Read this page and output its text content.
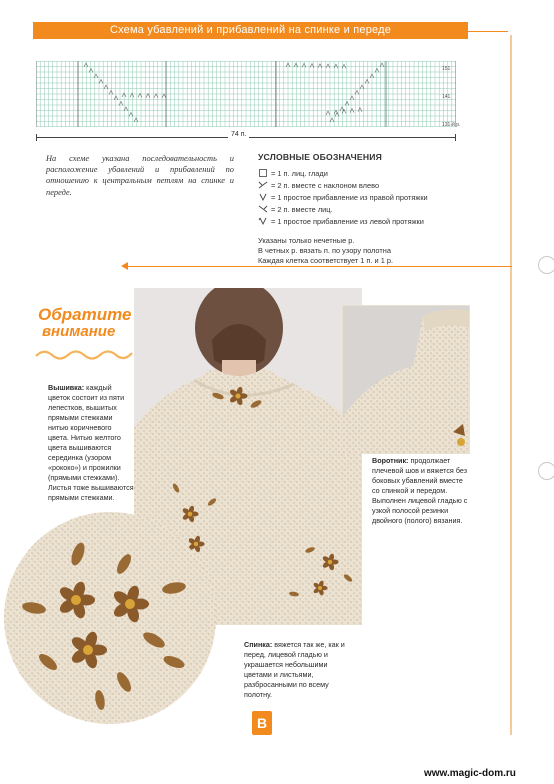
Схема убавлений и прибавлений на спинке и переде
151
141
131-й р.
74 п.
На схеме указана последовательность и расположение убавлений и прибавлений по отношению к центральным петлям на спинке и переде.
УСЛОВНЫЕ ОБОЗНАЧЕНИЯ
= 1 п. лиц. глади
= 2 п. вместе с наклоном влево
= 1 простое прибавление из правой протяжки
= 2 п. вместе лиц.
= 1 простое прибавление из левой протяжки
Указаны только нечетные р.
В четных р. вязать п. по узору полотна
Каждая клетка соответствует 1 п. и 1 р.
Обратите
внимание
Вышивка: каждый цветок состоит из пяти лепестков, вышитых прямыми стежками нитью коричневого цвета. Нитью желтого цвета вышиваются серединка (узором «рококо») и прожилки (прямыми стежками). Листья тоже вышиваются прямыми стежками.
Воротник: продолжает плечевой шов и вяжется без боковых убавлений вместе со спинкой и передом. Выполнен лицевой гладью с узкой полосой резинки двойного (полого) вязания.
Спинка: вяжется так же, как и перед, лицевой гладью и украшается небольшими цветами и листьями, разбросанными по всему полотну.
В
www.magic-dom.ru
